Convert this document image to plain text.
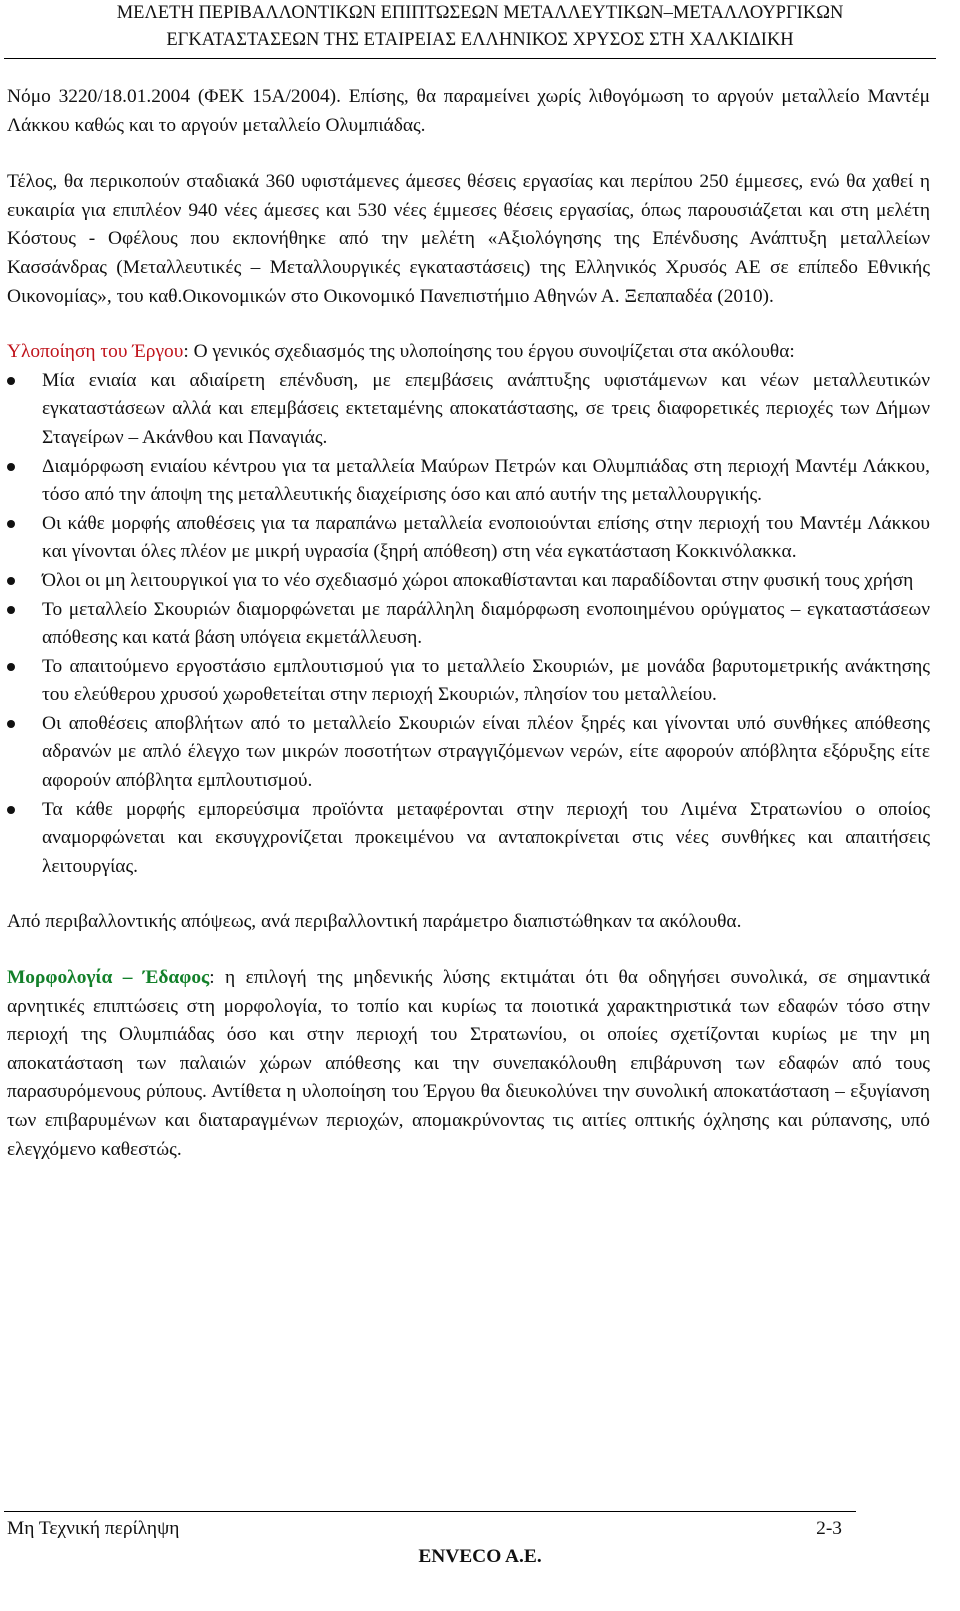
ΜΕΛΕΤΗ ΠΕΡΙΒΑΛΛΟΝΤΙΚΩΝ ΕΠΙΠΤΩΣΕΩΝ ΜΕΤΑΛΛΕΥΤΙΚΩΝ–ΜΕΤΑΛΛΟΥΡΓΙΚΩΝ
ΕΓΚΑΤΑΣΤΑΣΕΩΝ ΤΗΣ ΕΤΑΙΡΕΙΑΣ ΕΛΛΗΝΙΚΟΣ ΧΡΥΣΟΣ ΣΤΗ ΧΑΛΚΙΔΙΚΗ

Νόμο 3220/18.01.2004 (ΦΕΚ 15Α/2004). Επίσης, θα παραμείνει χωρίς λιθογόμωση το αργούν μεταλλείο Μαντέμ Λάκκου καθώς και το αργούν μεταλλείο Ολυμπιάδας.

Τέλος, θα περικοπούν σταδιακά 360 υφιστάμενες άμεσες θέσεις εργασίας και περίπου 250 έμμεσες, ενώ θα χαθεί η ευκαιρία για επιπλέον 940 νέες άμεσες και 530 νέες έμμεσες θέσεις εργασίας, όπως παρουσιάζεται και στη μελέτη Κόστους - Οφέλους που εκπονήθηκε από την μελέτη «Αξιολόγησης της Επένδυσης Ανάπτυξη μεταλλείων Κασσάνδρας (Μεταλλευτικές – Μεταλλουργικές εγκαταστάσεις) της Ελληνικός Χρυσός ΑΕ σε επίπεδο Εθνικής Οικονομίας», του καθ.Οικονομικών στο Οικονομικό Πανεπιστήμιο Αθηνών Α. Ξεπαπαδέα (2010).

Υλοποίηση του Έργου: Ο γενικός σχεδιασμός της υλοποίησης του έργου συνοψίζεται στα ακόλουθα:

Μία ενιαία και αδιαίρετη επένδυση, με επεμβάσεις ανάπτυξης υφιστάμενων και νέων μεταλλευτικών εγκαταστάσεων αλλά και επεμβάσεις εκτεταμένης αποκατάστασης, σε τρεις διαφορετικές περιοχές των Δήμων Σταγείρων – Ακάνθου και Παναγιάς.
Διαμόρφωση ενιαίου κέντρου για τα μεταλλεία Μαύρων Πετρών και Ολυμπιάδας στη περιοχή Μαντέμ Λάκκου, τόσο από την άποψη της μεταλλευτικής διαχείρισης όσο και από αυτήν της μεταλλουργικής.
Οι κάθε μορφής αποθέσεις για τα παραπάνω μεταλλεία ενοποιούνται επίσης στην περιοχή του Μαντέμ Λάκκου και γίνονται όλες πλέον με μικρή υγρασία (ξηρή απόθεση) στη νέα εγκατάσταση Κοκκινόλακκα.
Όλοι οι μη λειτουργικοί για το νέο σχεδιασμό χώροι αποκαθίστανται και παραδίδονται στην φυσική τους χρήση
Το μεταλλείο Σκουριών διαμορφώνεται με παράλληλη διαμόρφωση ενοποιημένου ορύγματος – εγκαταστάσεων απόθεσης και κατά βάση υπόγεια εκμετάλλευση.
Το απαιτούμενο εργοστάσιο εμπλουτισμού για το μεταλλείο Σκουριών, με μονάδα βαρυτομετρικής ανάκτησης του ελεύθερου χρυσού χωροθετείται στην περιοχή Σκουριών, πλησίον του μεταλλείου.
Οι αποθέσεις αποβλήτων από το μεταλλείο Σκουριών είναι πλέον ξηρές και γίνονται υπό συνθήκες απόθεσης αδρανών με απλό έλεγχο των μικρών ποσοτήτων στραγγιζόμενων νερών, είτε αφορούν απόβλητα εξόρυξης είτε αφορούν απόβλητα εμπλουτισμού.
Τα κάθε μορφής εμπορεύσιμα προϊόντα μεταφέρονται στην περιοχή του Λιμένα Στρατωνίου ο οποίος αναμορφώνεται και εκσυγχρονίζεται προκειμένου να ανταποκρίνεται στις νέες συνθήκες και απαιτήσεις λειτουργίας.

Από περιβαλλοντικής απόψεως, ανά περιβαλλοντική παράμετρο διαπιστώθηκαν τα ακόλουθα.

Μορφολογία – Έδαφος: η επιλογή της μηδενικής λύσης εκτιμάται ότι θα οδηγήσει συνολικά, σε σημαντικά αρνητικές επιπτώσεις στη μορφολογία, το τοπίο και κυρίως τα ποιοτικά χαρακτηριστικά των εδαφών τόσο στην περιοχή της Ολυμπιάδας όσο και στην περιοχή του Στρατωνίου, οι οποίες σχετίζονται κυρίως με την μη αποκατάσταση των παλαιών χώρων απόθεσης και την συνεπακόλουθη επιβάρυνση των εδαφών από τους παρασυρόμενους ρύπους. Αντίθετα η υλοποίηση του Έργου θα διευκολύνει την συνολική αποκατάσταση – εξυγίανση των επιβαρυμένων και διαταραγμένων περιοχών, απομακρύνοντας τις αιτίες οπτικής όχλησης και ρύπανσης, υπό ελεγχόμενο καθεστώς.

Μη Τεχνική περίληψη	2-3
ENVECO A.E.
